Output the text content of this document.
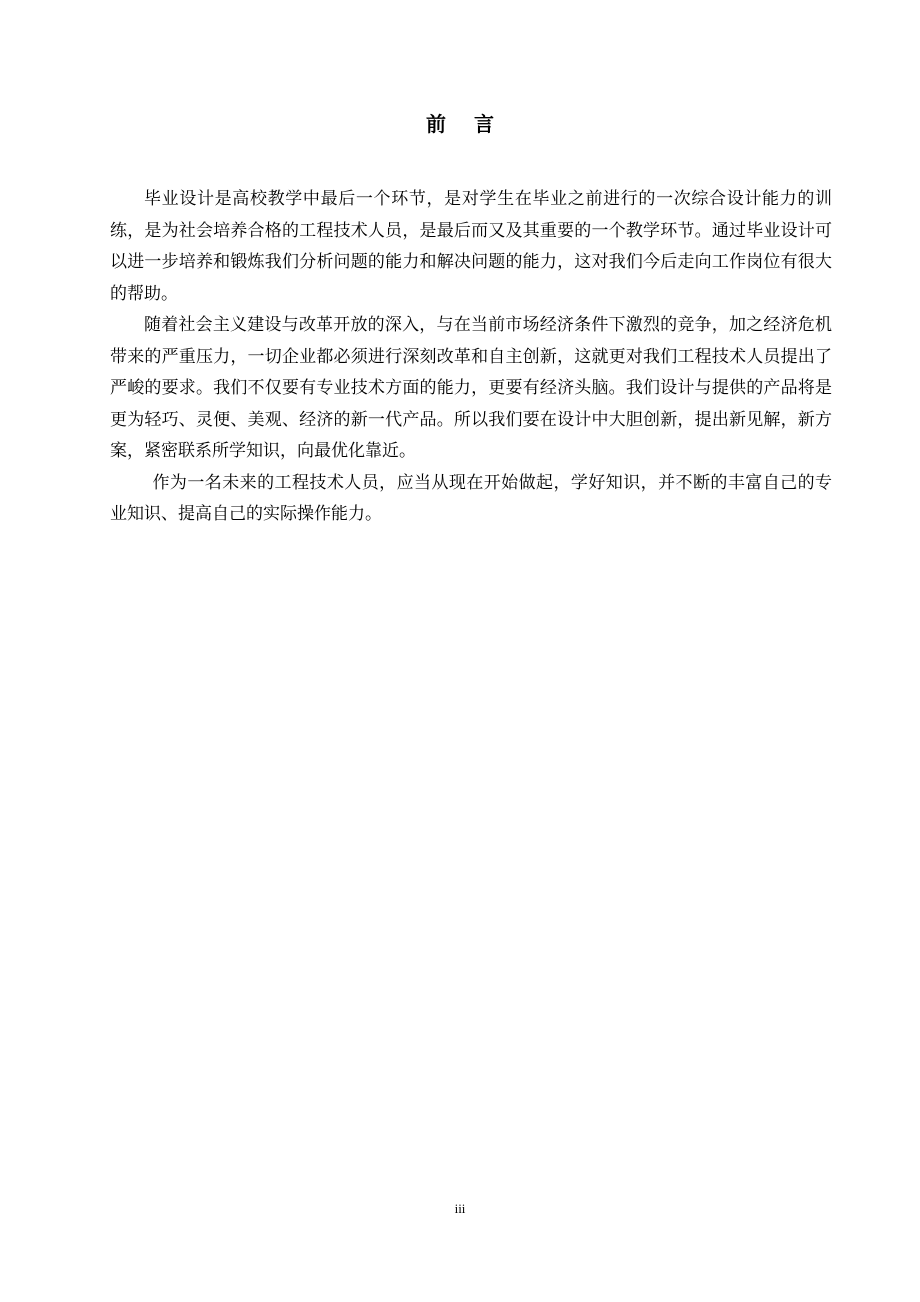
前言

毕业设计是高校教学中最后一个环节，是对学生在毕业之前进行的一次综合设计能力的训练，是为社会培养合格的工程技术人员，是最后而又及其重要的一个教学环节。通过毕业设计可以进一步培养和锻炼我们分析问题的能力和解决问题的能力，这对我们今后走向工作岗位有很大的帮助。

随着社会主义建设与改革开放的深入，与在当前市场经济条件下激烈的竞争，加之经济危机带来的严重压力，一切企业都必须进行深刻改革和自主创新，这就更对我们工程技术人员提出了严峻的要求。我们不仅要有专业技术方面的能力，更要有经济头脑。我们设计与提供的产品将是更为轻巧、灵便、美观、经济的新一代产品。所以我们要在设计中大胆创新，提出新见解，新方案，紧密联系所学知识，向最优化靠近。

作为一名未来的工程技术人员，应当从现在开始做起，学好知识，并不断的丰富自己的专业知识、提高自己的实际操作能力。

iii
